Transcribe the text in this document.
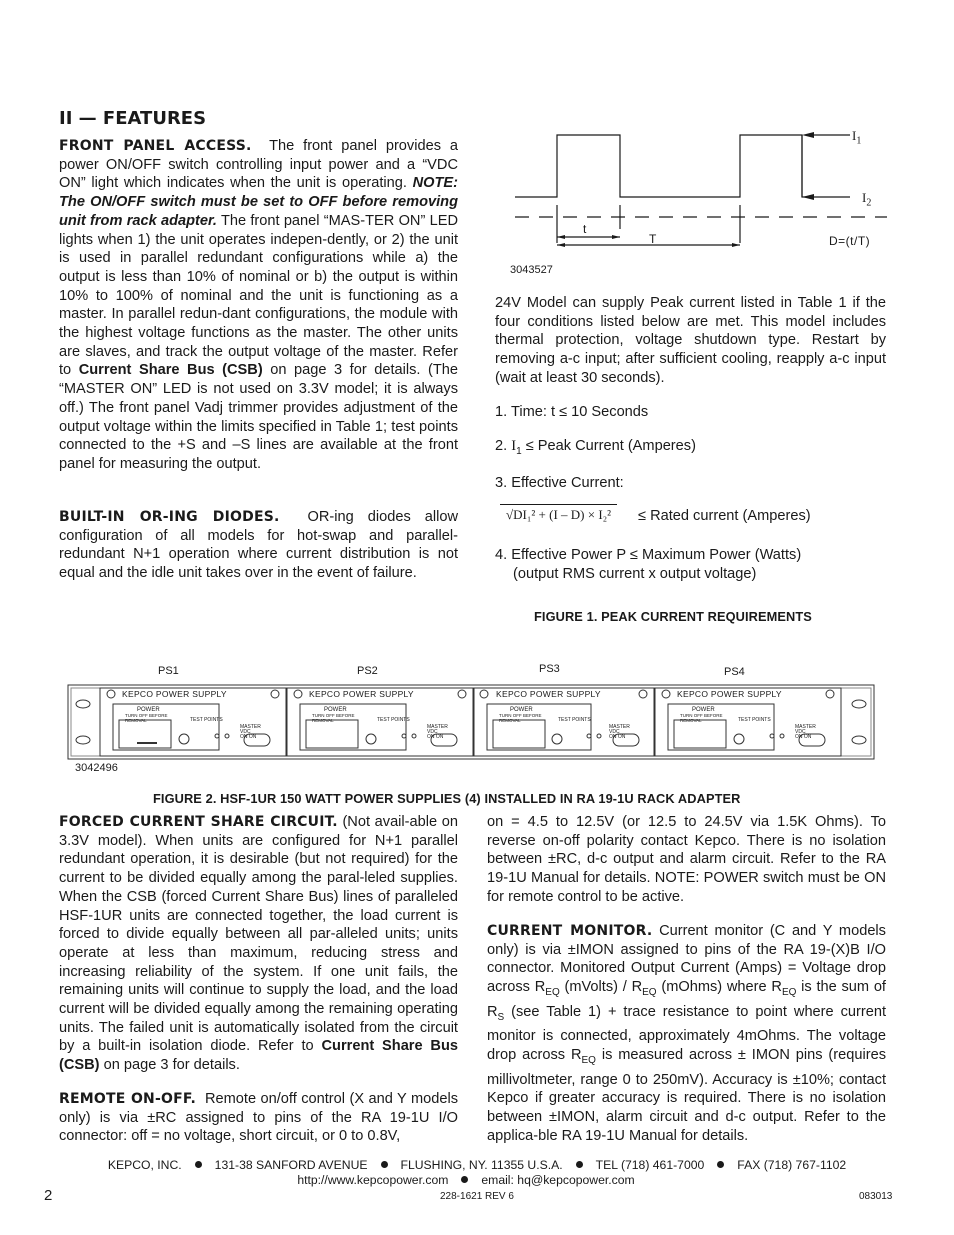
II — FEATURES
FRONT PANEL ACCESS. The front panel provides a power ON/OFF switch controlling input power and a “VDC ON” light which indicates when the unit is operating. NOTE: The ON/OFF switch must be set to OFF before removing unit from rack adapter. The front panel “MAS-TER ON” LED lights when 1) the unit operates indepen-dently, or 2) the unit is used in parallel redundant configurations while a) the output is less than 10% of nominal or b) the output is within 10% to 100% of nominal and the unit is functioning as a master. In parallel redun-dant configurations, the module with the highest voltage functions as the master. The other units are slaves, and track the output voltage of the master. Refer to Current Share Bus (CSB) on page 3 for details. (The “MASTER ON” LED is not used on 3.3V model; it is always off.) The front panel Vadj trimmer provides adjustment of the output voltage within the limits specified in Table 1; test points connected to the +S and –S lines are available at the front panel for measuring the output.
BUILT-IN OR-ING DIODES. OR-ing diodes allow configuration of all models for hot-swap and parallel-redundant N+1 operation where current distribution is not equal and the idle unit takes over in the event of failure.
$I_1$
$I_2$
t
T	D=(t/T)
3043527
24V Model can supply Peak current listed in Table 1 if the four conditions listed below are met. This model includes thermal protection, voltage shutdown type. Restart by removing a-c input; after sufficient cooling, reapply a-c input (wait at least 30 seconds).
1. Time: t ≤ 10 Seconds
2. $I_1$ ≤ Peak Current (Amperes)
3. Effective Current:
√DI₁² + (I – D) × I₂²	≤ Rated current (Amperes)
4. Effective Power P ≤ Maximum Power (Watts)
(output RMS current x output voltage)
FIGURE 1. PEAK CURRENT REQUIREMENTS
PS1	PS2	PS3	PS4
KEPCO POWER SUPPLY	KEPCO POWER SUPPLY	KEPCO POWER SUPPLY	KEPCO POWER SUPPLY
POWER	POWER	POWER	POWER
TURN OFF BEFORE REMOVAL
TURN OFF BEFORE REMOVAL
TURN OFF BEFORE REMOVAL
TURN OFF BEFORE REMOVAL
TEST POINTS	TEST POINTS	TEST POINTS	TEST POINTS
MASTER VDC
ON ON
MASTER VDC
ON ON
MASTER VDC
ON ON
MASTER VDC
ON ON
3042496
FIGURE 2. HSF-1UR 150 WATT POWER SUPPLIES (4) INSTALLED IN RA 19-1U RACK ADAPTER
FORCED CURRENT SHARE CIRCUIT. (Not avail-able on 3.3V model). When units are configured for N+1 parallel redundant operation, it is desirable (but not required) for the current to be divided equally among the paral-leled supplies. When the CSB (forced Current Share Bus) lines of paralleled HSF-1UR units are connected together, the load current is forced to divide equally between all par-alleled units; units operate at less than maximum, reducing stress and increasing reliability of the system. If one unit fails, the remaining units will continue to supply the load, and the load current will be divided equally among the remaining operating units. The failed unit is automatically isolated from the circuit by a built-in isolation diode. Refer to Current Share Bus (CSB) on page 3 for details.
REMOTE ON-OFF. Remote on/off control (X and Y models only) is via ±RC assigned to pins of the RA 19-1U I/O connector: off = no voltage, short circuit, or 0 to 0.8V,
on = 4.5 to 12.5V (or 12.5 to 24.5V via 1.5K Ohms). To reverse on-off polarity contact Kepco. There is no isolation between ±RC, d-c output and alarm circuit. Refer to the RA 19-1U Manual for details. NOTE: POWER switch must be ON for remote control to be active.
CURRENT MONITOR. Current monitor (C and Y models only) is via ±IMON assigned to pins of the RA 19-(X)B I/O connector. Monitored Output Current (Amps) = Voltage drop across $R_{EQ}$ (mVolts) / $R_{EQ}$ (mOhms) where $R_{EQ}$ is the sum of $R_S$ (see Table 1) + trace resistance to point where current monitor is connected, approximately 4mOhms. The voltage drop across $R_{EQ}$ is measured across ± IMON pins (requires millivoltmeter, range 0 to 250mV). Accuracy is ±10%; contact Kepco if greater accuracy is required. There is no isolation between ±IMON, alarm circuit and d-c output. Refer to the applica-ble RA 19-1U Manual for details.
KEPCO, INC.	131-38 SANFORD AVENUE	FLUSHING, NY. 11355 U.S.A.	TEL (718) 461-7000	FAX (718) 767-1102
http://www.kepcopower.com	email: hq@kepcopower.com
2	228-1621 REV 6	083013
